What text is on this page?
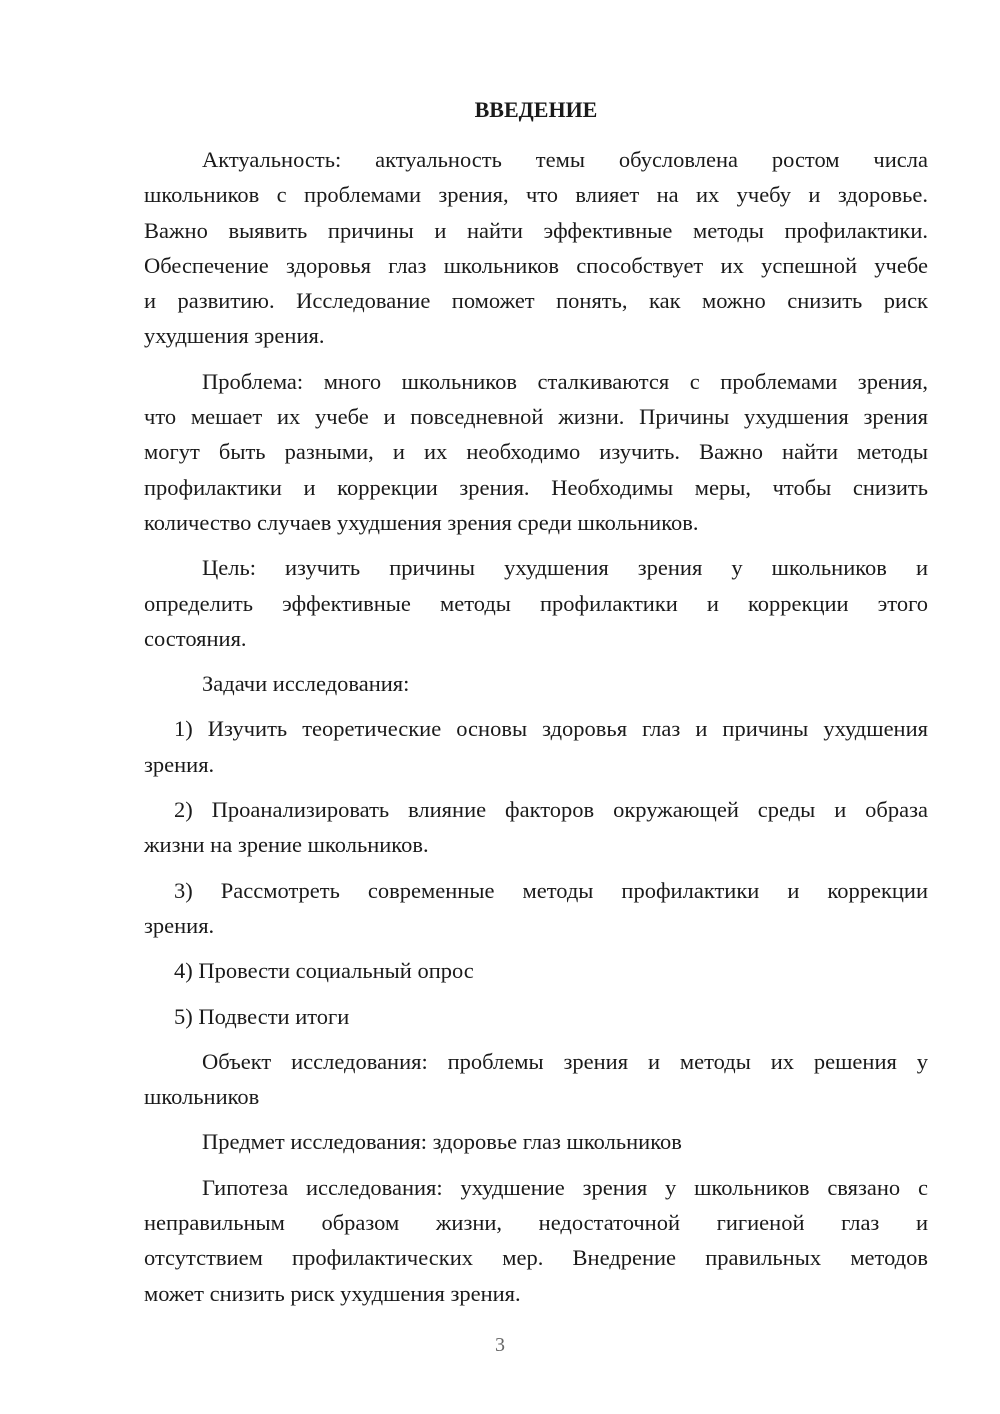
ВВЕДЕНИЕ
Актуальность: актуальность темы обусловлена ростом числа
школьников с проблемами зрения, что влияет на их учебу и здоровье.
Важно выявить причины и найти эффективные методы профилактики.
Обеспечение здоровья глаз школьников способствует их успешной учебе
и развитию. Исследование поможет понять, как можно снизить риск
ухудшения зрения.
Проблема: много школьников сталкиваются с проблемами зрения,
что мешает их учебе и повседневной жизни. Причины ухудшения зрения
могут быть разными, и их необходимо изучить. Важно найти методы
профилактики и коррекции зрения. Необходимы меры, чтобы снизить
количество случаев ухудшения зрения среди школьников.
Цель: изучить причины ухудшения зрения у школьников и
определить эффективные методы профилактики и коррекции этого
состояния.
Задачи исследования:
1) Изучить теоретические основы здоровья глаз и причины ухудшения
зрения.
2) Проанализировать влияние факторов окружающей среды и образа
жизни на зрение школьников.
3) Рассмотреть современные методы профилактики и коррекции
зрения.
4) Провести социальный опрос
5) Подвести итоги
Объект исследования: проблемы зрения и методы их решения у
школьников
Предмет исследования: здоровье глаз школьников
Гипотеза исследования: ухудшение зрения у школьников связано с
неправильным образом жизни, недостаточной гигиеной глаз и
отсутствием профилактических мер. Внедрение правильных методов
может снизить риск ухудшения зрения.
3
